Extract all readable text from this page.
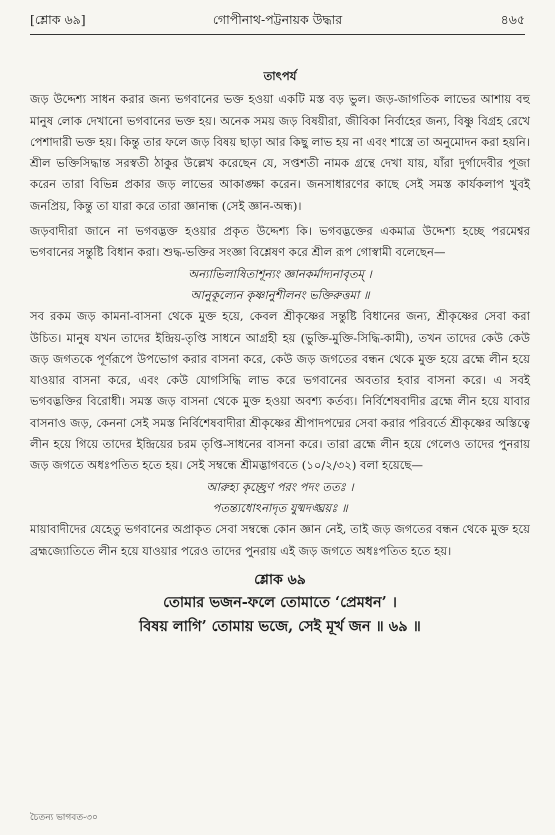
[শ্লোক ৬৯]	গোপীনাথ-পট্টনায়ক উদ্ধার	৪৬৫
তাৎপর্য

জড় উদ্দেশ্য সাধন করার জন্য ভগবানের ভক্ত হওয়া একটি মস্ত বড় ভুল। জড়-জাগতিক লাভের আশায় বহু মানুষ লোক দেখানো ভগবানের ভক্ত হয়। অনেক সময় জড় বিষয়ীরা, জীবিকা নির্বাহের জন্য, বিষ্ণু বিগ্রহ রেখে পেশাদারী ভক্ত হয়। কিন্তু তার ফলে জড় বিষয় ছাড়া আর কিছু লাভ হয় না এবং শাস্ত্রে তা অনুমোদন করা হয়নি। শ্রীল ভক্তিসিদ্ধান্ত সরস্বতী ঠাকুর উল্লেখ করেছেন যে, সপ্তশতী নামক গ্রন্থে দেখা যায়, যাঁরা দুর্গাদেবীর পূজা করেন তারা বিভিন্ন প্রকার জড় লাভের আকাঙ্ক্ষা করেন। জনসাধারণের কাছে সেই সমস্ত কার্যকলাপ খুবই জনপ্রিয়, কিন্তু তা যারা করে তারা জ্ঞানান্ধ (সেই জ্ঞান-অন্ধ)।

জড়বাদীরা জানে না ভগবদ্ভক্ত হওয়ার প্রকৃত উদ্দেশ্য কি। ভগবদ্ভক্তের একমাত্র উদ্দেশ্য হচ্ছে পরমেশ্বর ভগবানের সন্তুষ্টি বিধান করা। শুদ্ধ-ভক্তির সংজ্ঞা বিশ্লেষণ করে শ্রীল রূপ গোস্বামী বলেছেন—

অন্যাভিলাষিতাশূন্যং জ্ঞানকর্মাদ্যনাবৃতম্ ।
আনুকূল্যেন কৃষ্ণানুশীলনং ভক্তিরুত্তমা ॥

সব রকম জড় কামনা-বাসনা থেকে মুক্ত হয়ে, কেবল শ্রীকৃষ্ণের সন্তুষ্টি বিধানের জন্য, শ্রীকৃষ্ণের সেবা করা উচিত। মানুষ যখন তাদের ইন্দ্রিয়-তৃপ্তি সাধনে আগ্রহী হয় (ভুক্তি-মুক্তি-সিদ্ধি-কামী), তখন তাদের কেউ কেউ জড় জগতকে পূর্ণরূপে উপভোগ করার বাসনা করে, কেউ জড় জগতের বন্ধন থেকে মুক্ত হয়ে ব্রহ্মে লীন হয়ে যাওয়ার বাসনা করে, এবং কেউ যোগসিদ্ধি লাভ করে ভগবানের অবতার হবার বাসনা করে। এ সবই ভগবদ্ভক্তির বিরোধী। সমস্ত জড় বাসনা থেকে মুক্ত হওয়া অবশ্য কর্তব্য। নির্বিশেষবাদীর ব্রহ্মে লীন হয়ে যাবার বাসনাও জড়, কেননা সেই সমস্ত নির্বিশেষবাদীরা শ্রীকৃষ্ণের শ্রীপাদপদ্মের সেবা করার পরিবর্তে শ্রীকৃষ্ণের অস্তিত্বে লীন হয়ে গিয়ে তাদের ইন্দ্রিয়ের চরম তৃপ্তি-সাধনের বাসনা করে। তারা ব্রহ্মে লীন হয়ে গেলেও তাদের পুনরায় জড় জগতে অধঃপতিত হতে হয়। সেই সম্বন্ধে শ্রীমদ্ভাগবতে (১০/২/৩২) বলা হয়েছে—

আরুহ্য কৃচ্ছ্রেণ পরং পদং ততঃ ।
পতন্ত্যধোঽনাদৃত যুষ্মদঙ্ঘ্রয়ঃ ॥

মায়াবাদীদের যেহেতু ভগবানের অপ্রাকৃত সেবা সম্বন্ধে কোন জ্ঞান নেই, তাই জড় জগতের বন্ধন থেকে মুক্ত হয়ে ব্রহ্মজ্যোতিতে লীন হয়ে যাওয়ার পরেও তাদের পুনরায় এই জড় জগতে অধঃপতিত হতে হয়।

শ্লোক ৬৯
তোমার ভজন-ফলে তোমাতে ‘প্রেমধন’ ।
বিষয় লাগি’ তোমায় ভজে, সেই মূর্খ জন ॥ ৬৯ ॥
চৈতন্য ভাগবত-৩০
